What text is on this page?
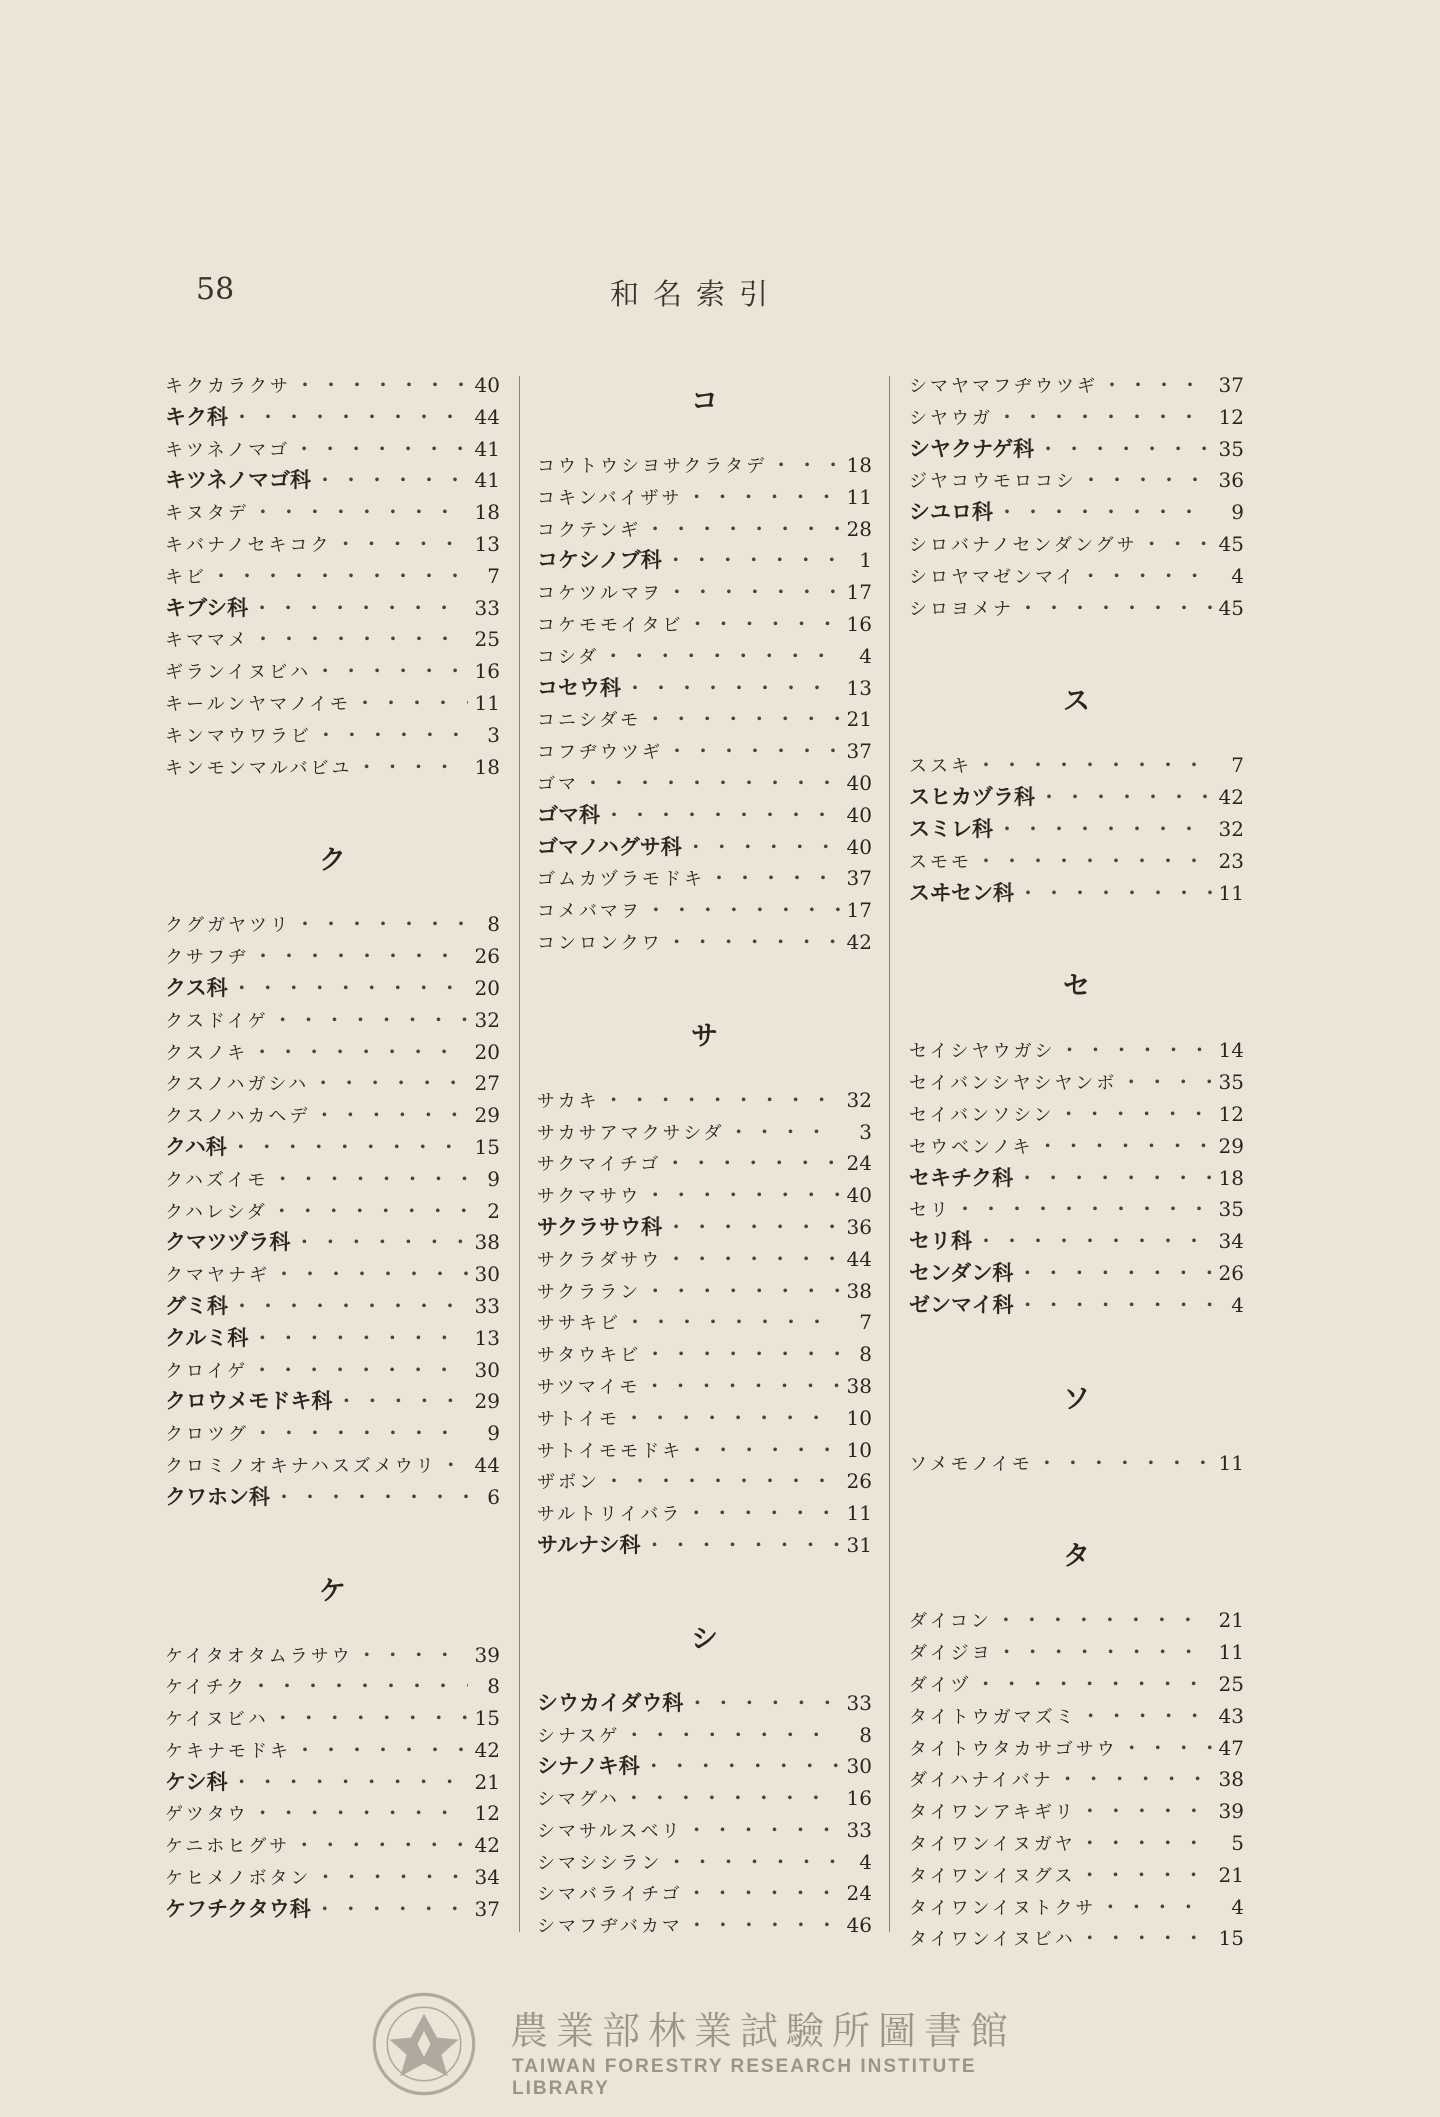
58	和名索引
キクカラクサ ・・・・・・・・・・・・・・・・・・・・・・・・・・・・・・・・	40
キク科 ・・・・・・・・・・・・・・・・・・・・・・・・・・・・・・・・	44
キツネノマゴ ・・・・・・・・・・・・・・・・・・・・・・・・・・・・・・・・	41
キツネノマゴ科 ・・・・・・・・・・・・・・・・・・・・・・・・・・・・・・・・	41
キヌタデ ・・・・・・・・・・・・・・・・・・・・・・・・・・・・・・・・	18
キバナノセキコク ・・・・・・・・・・・・・・・・・・・・・・・・・・・・・・・・	13
キビ ・・・・・・・・・・・・・・・・・・・・・・・・・・・・・・・・	7
キブシ科 ・・・・・・・・・・・・・・・・・・・・・・・・・・・・・・・・	33
キママメ ・・・・・・・・・・・・・・・・・・・・・・・・・・・・・・・・	25
ギランイヌビハ ・・・・・・・・・・・・・・・・・・・・・・・・・・・・・・・・	16
キールンヤマノイモ ・・・・・・・・・・・・・・・・・・・・・・・・・・・・・・・・	11
キンマウワラビ ・・・・・・・・・・・・・・・・・・・・・・・・・・・・・・・・	3
キンモンマルバビユ ・・・・・・・・・・・・・・・・・・・・・・・・・・・・・・・・	18
ク
クグガヤツリ ・・・・・・・・・・・・・・・・・・・・・・・・・・・・・・・・	8
クサフヂ ・・・・・・・・・・・・・・・・・・・・・・・・・・・・・・・・	26
クス科 ・・・・・・・・・・・・・・・・・・・・・・・・・・・・・・・・	20
クスドイゲ ・・・・・・・・・・・・・・・・・・・・・・・・・・・・・・・・	32
クスノキ ・・・・・・・・・・・・・・・・・・・・・・・・・・・・・・・・	20
クスノハガシハ ・・・・・・・・・・・・・・・・・・・・・・・・・・・・・・・・	27
クスノハカヘデ ・・・・・・・・・・・・・・・・・・・・・・・・・・・・・・・・	29
クハ科 ・・・・・・・・・・・・・・・・・・・・・・・・・・・・・・・・	15
クハズイモ ・・・・・・・・・・・・・・・・・・・・・・・・・・・・・・・・	9
クハレシダ ・・・・・・・・・・・・・・・・・・・・・・・・・・・・・・・・	2
クマツヅラ科 ・・・・・・・・・・・・・・・・・・・・・・・・・・・・・・・・	38
クマヤナギ ・・・・・・・・・・・・・・・・・・・・・・・・・・・・・・・・	30
グミ科 ・・・・・・・・・・・・・・・・・・・・・・・・・・・・・・・・	33
クルミ科 ・・・・・・・・・・・・・・・・・・・・・・・・・・・・・・・・	13
クロイゲ ・・・・・・・・・・・・・・・・・・・・・・・・・・・・・・・・	30
クロウメモドキ科 ・・・・・・・・・・・・・・・・・・・・・・・・・・・・・・・・	29
クロツグ ・・・・・・・・・・・・・・・・・・・・・・・・・・・・・・・・	9
クロミノオキナハスズメウリ ・・・・・・・・・・・・・・・・・・・・・・・・・・・・・・・・ 44
クワホン科 ・・・・・・・・・・・・・・・・・・・・・・・・・・・・・・・・	6
ケ
ケイタオタムラサウ ・・・・・・・・・・・・・・・・・・・・・・・・・・・・・・・・	39
ケイチク ・・・・・・・・・・・・・・・・・・・・・・・・・・・・・・・・	8
ケイヌビハ ・・・・・・・・・・・・・・・・・・・・・・・・・・・・・・・・	15
ケキナモドキ ・・・・・・・・・・・・・・・・・・・・・・・・・・・・・・・・	42
ケシ科 ・・・・・・・・・・・・・・・・・・・・・・・・・・・・・・・・	21
ゲツタウ ・・・・・・・・・・・・・・・・・・・・・・・・・・・・・・・・	12
ケニホヒグサ ・・・・・・・・・・・・・・・・・・・・・・・・・・・・・・・・	42
ケヒメノボタン ・・・・・・・・・・・・・・・・・・・・・・・・・・・・・・・・	34
ケフチクタウ科 ・・・・・・・・・・・・・・・・・・・・・・・・・・・・・・・・	37
コ
コウトウシヨサクラタデ ・・・・・・・・・・・・・・・・・・・・・・・・・・・・・・・・	18
コキンバイザサ ・・・・・・・・・・・・・・・・・・・・・・・・・・・・・・・・	11
コクテンギ ・・・・・・・・・・・・・・・・・・・・・・・・・・・・・・・・	28
コケシノブ科 ・・・・・・・・・・・・・・・・・・・・・・・・・・・・・・・・	1
コケツルマヲ ・・・・・・・・・・・・・・・・・・・・・・・・・・・・・・・・	17
コケモモイタビ ・・・・・・・・・・・・・・・・・・・・・・・・・・・・・・・・	16
コシダ ・・・・・・・・・・・・・・・・・・・・・・・・・・・・・・・・	4
コセウ科 ・・・・・・・・・・・・・・・・・・・・・・・・・・・・・・・・	13
コニシダモ ・・・・・・・・・・・・・・・・・・・・・・・・・・・・・・・・	21
コフヂウツギ ・・・・・・・・・・・・・・・・・・・・・・・・・・・・・・・・	37
ゴマ ・・・・・・・・・・・・・・・・・・・・・・・・・・・・・・・・	40
ゴマ科 ・・・・・・・・・・・・・・・・・・・・・・・・・・・・・・・・	40
ゴマノハグサ科 ・・・・・・・・・・・・・・・・・・・・・・・・・・・・・・・・	40
ゴムカヅラモドキ ・・・・・・・・・・・・・・・・・・・・・・・・・・・・・・・・	37
コメバマヲ ・・・・・・・・・・・・・・・・・・・・・・・・・・・・・・・・	17
コンロンクワ ・・・・・・・・・・・・・・・・・・・・・・・・・・・・・・・・	42
サ
サカキ ・・・・・・・・・・・・・・・・・・・・・・・・・・・・・・・・	32
サカサアマクサシダ ・・・・・・・・・・・・・・・・・・・・・・・・・・・・・・・・	3
サクマイチゴ ・・・・・・・・・・・・・・・・・・・・・・・・・・・・・・・・	24
サクマサウ ・・・・・・・・・・・・・・・・・・・・・・・・・・・・・・・・	40
サクラサウ科 ・・・・・・・・・・・・・・・・・・・・・・・・・・・・・・・・	36
サクラダサウ ・・・・・・・・・・・・・・・・・・・・・・・・・・・・・・・・	44
サクララン ・・・・・・・・・・・・・・・・・・・・・・・・・・・・・・・・	38
ササキビ ・・・・・・・・・・・・・・・・・・・・・・・・・・・・・・・・	7
サタウキビ ・・・・・・・・・・・・・・・・・・・・・・・・・・・・・・・・	8
サツマイモ ・・・・・・・・・・・・・・・・・・・・・・・・・・・・・・・・	38
サトイモ ・・・・・・・・・・・・・・・・・・・・・・・・・・・・・・・・	10
サトイモモドキ ・・・・・・・・・・・・・・・・・・・・・・・・・・・・・・・・	10
ザボン ・・・・・・・・・・・・・・・・・・・・・・・・・・・・・・・・	26
サルトリイバラ ・・・・・・・・・・・・・・・・・・・・・・・・・・・・・・・・	11
サルナシ科 ・・・・・・・・・・・・・・・・・・・・・・・・・・・・・・・・	31
シ
シウカイダウ科 ・・・・・・・・・・・・・・・・・・・・・・・・・・・・・・・・	33
シナスゲ ・・・・・・・・・・・・・・・・・・・・・・・・・・・・・・・・	8
シナノキ科 ・・・・・・・・・・・・・・・・・・・・・・・・・・・・・・・・	30
シマグハ ・・・・・・・・・・・・・・・・・・・・・・・・・・・・・・・・	16
シマサルスベリ ・・・・・・・・・・・・・・・・・・・・・・・・・・・・・・・・	33
シマシシラン ・・・・・・・・・・・・・・・・・・・・・・・・・・・・・・・・	4
シマバライチゴ ・・・・・・・・・・・・・・・・・・・・・・・・・・・・・・・・	24
シマフヂバカマ ・・・・・・・・・・・・・・・・・・・・・・・・・・・・・・・・	46
シマヤマフヂウツギ ・・・・・・・・・・・・・・・・・・・・・・・・・・・・・・・・	37
シヤウガ ・・・・・・・・・・・・・・・・・・・・・・・・・・・・・・・・	12
シヤクナゲ科 ・・・・・・・・・・・・・・・・・・・・・・・・・・・・・・・・	35
ジヤコウモロコシ ・・・・・・・・・・・・・・・・・・・・・・・・・・・・・・・・	36
シユロ科 ・・・・・・・・・・・・・・・・・・・・・・・・・・・・・・・・	9
シロバナノセンダングサ ・・・・・・・・・・・・・・・・・・・・・・・・・・・・・・・・	45
シロヤマゼンマイ ・・・・・・・・・・・・・・・・・・・・・・・・・・・・・・・・	4
シロヨメナ ・・・・・・・・・・・・・・・・・・・・・・・・・・・・・・・・	45
ス
ススキ ・・・・・・・・・・・・・・・・・・・・・・・・・・・・・・・・	7
スヒカヅラ科 ・・・・・・・・・・・・・・・・・・・・・・・・・・・・・・・・	42
スミレ科 ・・・・・・・・・・・・・・・・・・・・・・・・・・・・・・・・	32
スモモ ・・・・・・・・・・・・・・・・・・・・・・・・・・・・・・・・	23
スヰセン科 ・・・・・・・・・・・・・・・・・・・・・・・・・・・・・・・・	11
セ
セイシヤウガシ ・・・・・・・・・・・・・・・・・・・・・・・・・・・・・・・・	14
セイバンシヤシヤンボ ・・・・・・・・・・・・・・・・・・・・・・・・・・・・・・・・	35
セイバンソシン ・・・・・・・・・・・・・・・・・・・・・・・・・・・・・・・・	12
セウベンノキ ・・・・・・・・・・・・・・・・・・・・・・・・・・・・・・・・	29
セキチク科 ・・・・・・・・・・・・・・・・・・・・・・・・・・・・・・・・	18
セリ ・・・・・・・・・・・・・・・・・・・・・・・・・・・・・・・・	35
セリ科 ・・・・・・・・・・・・・・・・・・・・・・・・・・・・・・・・	34
センダン科 ・・・・・・・・・・・・・・・・・・・・・・・・・・・・・・・・	26
ゼンマイ科 ・・・・・・・・・・・・・・・・・・・・・・・・・・・・・・・・	4
ソ
ソメモノイモ ・・・・・・・・・・・・・・・・・・・・・・・・・・・・・・・・	11
タ
ダイコン ・・・・・・・・・・・・・・・・・・・・・・・・・・・・・・・・	21
ダイジヨ ・・・・・・・・・・・・・・・・・・・・・・・・・・・・・・・・	11
ダイヅ ・・・・・・・・・・・・・・・・・・・・・・・・・・・・・・・・	25
タイトウガマズミ ・・・・・・・・・・・・・・・・・・・・・・・・・・・・・・・・	43
タイトウタカサゴサウ ・・・・・・・・・・・・・・・・・・・・・・・・・・・・・・・・	47
ダイハナイバナ ・・・・・・・・・・・・・・・・・・・・・・・・・・・・・・・・	38
タイワンアキギリ ・・・・・・・・・・・・・・・・・・・・・・・・・・・・・・・・	39
タイワンイヌガヤ ・・・・・・・・・・・・・・・・・・・・・・・・・・・・・・・・	5
タイワンイヌグス ・・・・・・・・・・・・・・・・・・・・・・・・・・・・・・・・	21
タイワンイヌトクサ ・・・・・・・・・・・・・・・・・・・・・・・・・・・・・・・・	4
タイワンイヌビハ ・・・・・・・・・・・・・・・・・・・・・・・・・・・・・・・・	15
農業部林業試驗所圖書館
TAIWAN FORESTRY RESEARCH INSTITUTE LIBRARY
